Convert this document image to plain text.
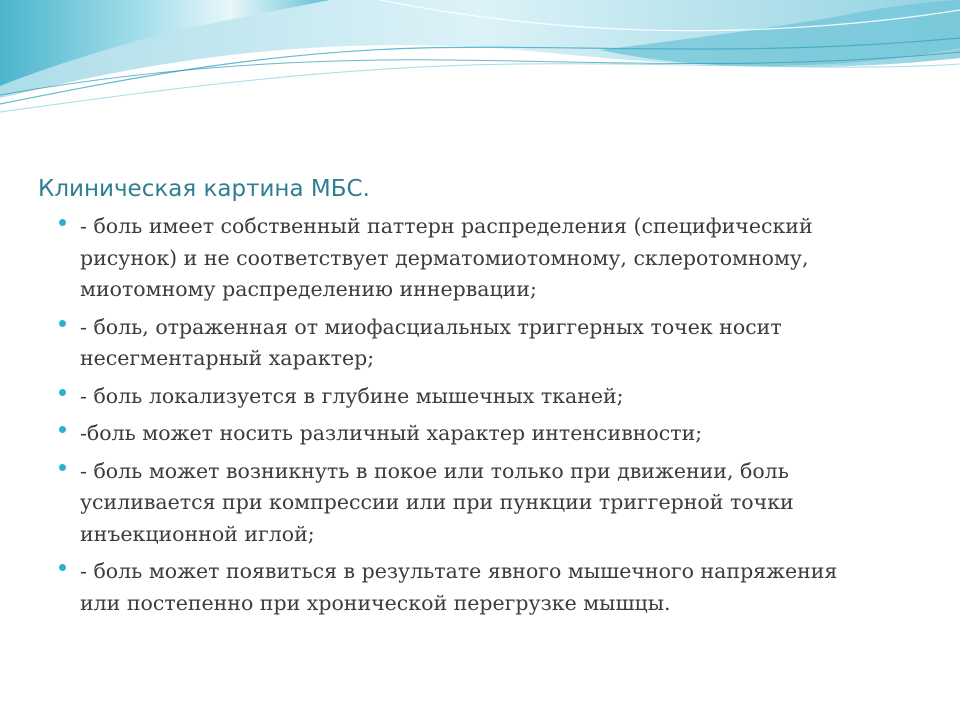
Клиническая картина МБС.
- боль имеет собственный паттерн распределения (специфический
рисунок) и не соответствует дерматомиотомному, склеротомному,
миотомному распределению иннервации;
- боль, отраженная от миофасциальных триггерных точек носит
несегментарный характер;
- боль локализуется в глубине мышечных тканей;
-боль может носить различный характер интенсивности;
- боль может возникнуть в покое или только при движении, боль
усиливается при компрессии или при пункции триггерной точки
инъекционной иглой;
- боль может появиться в результате явного мышечного напряжения
или постепенно при хронической перегрузке мышцы.
